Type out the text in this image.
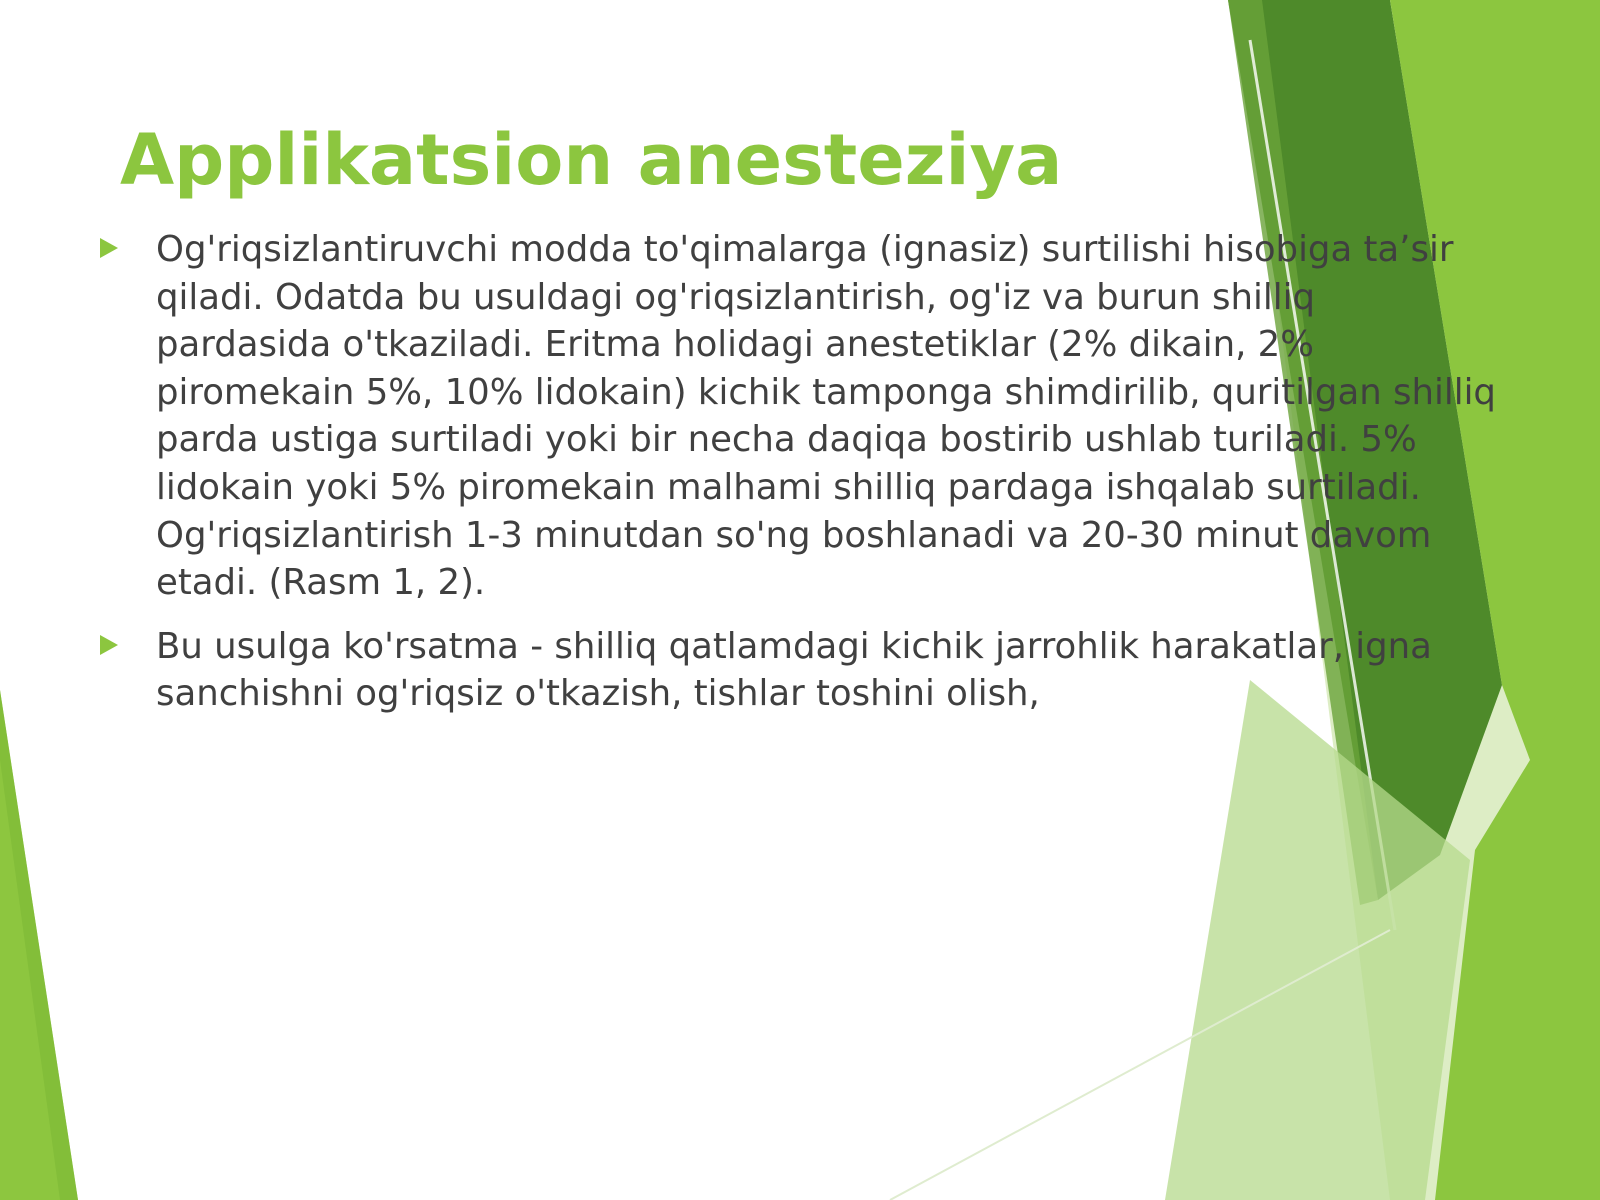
Applikatsion anesteziya

Og'riqsizlantiruvchi modda to'qimalarga (ignasiz) surtilishi hisobiga ta’sir qiladi. Odatda bu usuldagi og'riqsizlantirish, og'iz va burun shilliq pardasida o'tkaziladi. Eritma holidagi anestetiklar (2% dikain, 2% piromekain 5%, 10% lidokain) kichik tamponga shimdirilib, quritilgan shilliq parda ustiga surtiladi yoki bir necha daqiqa bostirib ushlab turiladi. 5% lidokain yoki 5% piromekain malhami shilliq pardaga ishqalab surtiladi. Og'riqsizlantirish 1-3 minutdan so'ng boshlanadi va 20-30 minut davom etadi. (Rasm 1, 2).

Bu usulga ko'rsatma - shilliq qatlamdagi kichik jarrohlik harakatlar, igna sanchishni og'riqsiz o'tkazish, tishlar toshini olish,
